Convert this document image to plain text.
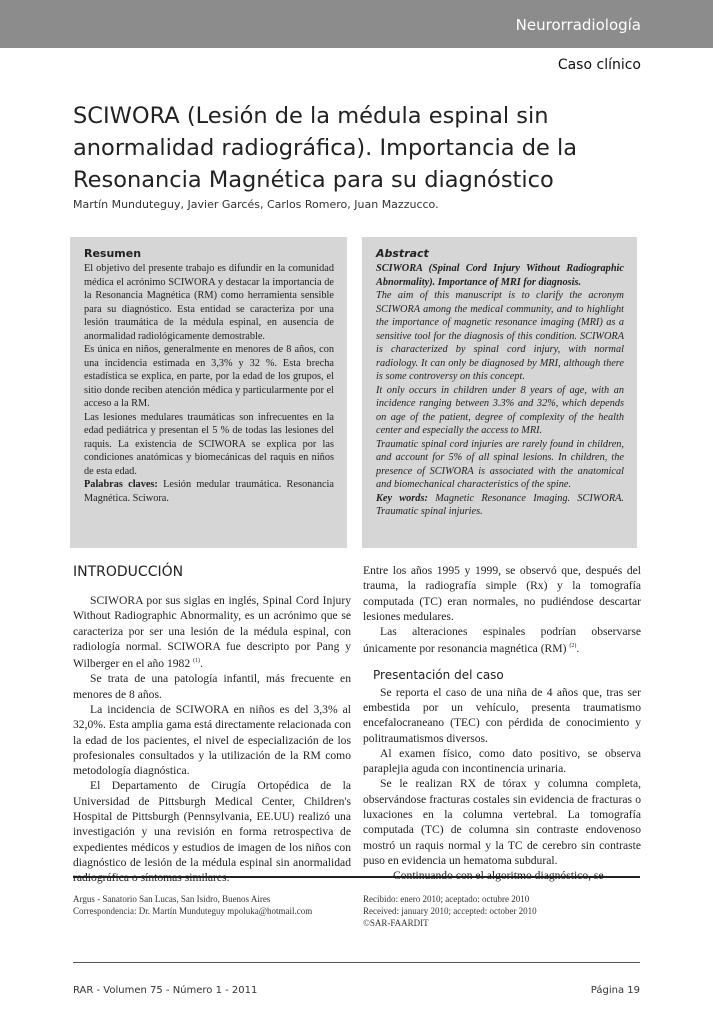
Neurorradiología
Caso clínico
SCIWORA (Lesión de la médula espinal sin anormalidad radiográfica). Importancia de la Resonancia Magnética para su diagnóstico
Martín Munduteguy, Javier Garcés, Carlos Romero, Juan Mazzucco.
Resumen
El objetivo del presente trabajo es difundir en la comunidad médica el acrónimo SCIWORA y destacar la importancia de la Resonancia Magnética (RM) como herramienta sensible para su diagnóstico. Esta entidad se caracteriza por una lesión traumática de la médula espinal, en ausencia de anormalidad radiológicamente demostrable.
Es única en niños, generalmente en menores de 8 años, con una incidencia estimada en 3,3% y 32 %. Esta brecha estadística se explica, en parte, por la edad de los grupos, el sitio donde reciben atención médica y particularmente por el acceso a la RM.
Las lesiones medulares traumáticas son infrecuentes en la edad pediátrica y presentan el 5 % de todas las lesiones del raquis. La existencia de SCIWORA se explica por las condiciones anatómicas y biomecánicas del raquis en niños de esta edad.
Palabras claves: Lesión medular traumática. Resonancia Magnética. Sciwora.
Abstract
SCIWORA (Spinal Cord Injury Without Radiographic Abnormality). Importance of MRI for diagnosis.
The aim of this manuscript is to clarify the acronym SCIWORA among the medical community, and to highlight the importance of magnetic resonance imaging (MRI) as a sensitive tool for the diagnosis of this condition. SCIWORA is characterized by spinal cord injury, with normal radiology. It can only be diagnosed by MRI, although there is some controversy on this concept.
It only occurs in children under 8 years of age, with an incidence ranging between 3.3% and 32%, which depends on age of the patient, degree of complexity of the health center and especially the access to MRI.
Traumatic spinal cord injuries are rarely found in children, and account for 5% of all spinal lesions. In children, the presence of SCIWORA is associated with the anatomical and biomechanical characteristics of the spine.
Key words: Magnetic Resonance Imaging. SCIWORA. Traumatic spinal injuries.
INTRODUCCIÓN

SCIWORA por sus siglas en inglés, Spinal Cord Injury Without Radiographic Abnormality, es un acrónimo que se caracteriza por ser una lesión de la médula espinal, con radiología normal. SCIWORA fue descripto por Pang y Wilberger en el año 1982 $^{(1)}$.

Se trata de una patología infantil, más frecuente en menores de 8 años.

La incidencia de SCIWORA en niños es del 3,3% al 32,0%. Esta amplia gama está directamente relacionada con la edad de los pacientes, el nivel de especialización de los profesionales consultados y la utilización de la RM como metodología diagnóstica.

El Departamento de Cirugía Ortopédica de la Universidad de Pittsburgh Medical Center, Children's Hospital de Pittsburgh (Pennsylvania, EE.UU) realizó una investigación y una revisión en forma retrospectiva de expedientes médicos y estudios de imagen de los niños con diagnóstico de lesión de la médula espinal sin anormalidad

Entre los años 1995 y 1999, se observó que, después del trauma, la radiografía simple (Rx) y la tomografía computada (TC) eran normales, no pudiéndose descartar lesiones medulares.

Las alteraciones espinales podrían observarse únicamente por resonancia magnética (RM) $^{(2)}$.

Presentación del caso

Se reporta el caso de una niña de 4 años que, tras ser embestida por un vehículo, presenta traumatismo encefalocraneano (TEC) con pérdida de conocimiento y politraumatismos diversos.

Al examen físico, como dato positivo, se observa paraplejia aguda con incontinencia urinaria.

Se le realizan RX de tórax y columna completa, observándose fracturas costales sin evidencia de fracturas o luxaciones en la columna vertebral. La tomografía computada (TC) de columna sin contraste endovenoso mostró un raquis normal y la TC de cerebro sin contraste puso en evidencia un hematoma subdural.

Argus - Sanatorio San Lucas, San Isidro, Buenos Aires
Correspondencia: Dr. Martín Munduteguy mpoluka@hotmail.com
Recibido: enero 2010; aceptado: octubre 2010
Received: january 2010; accepted: october 2010
©SAR-FAARDIT
RAR - Volumen 75 - Número 1 - 2011	Página 19
